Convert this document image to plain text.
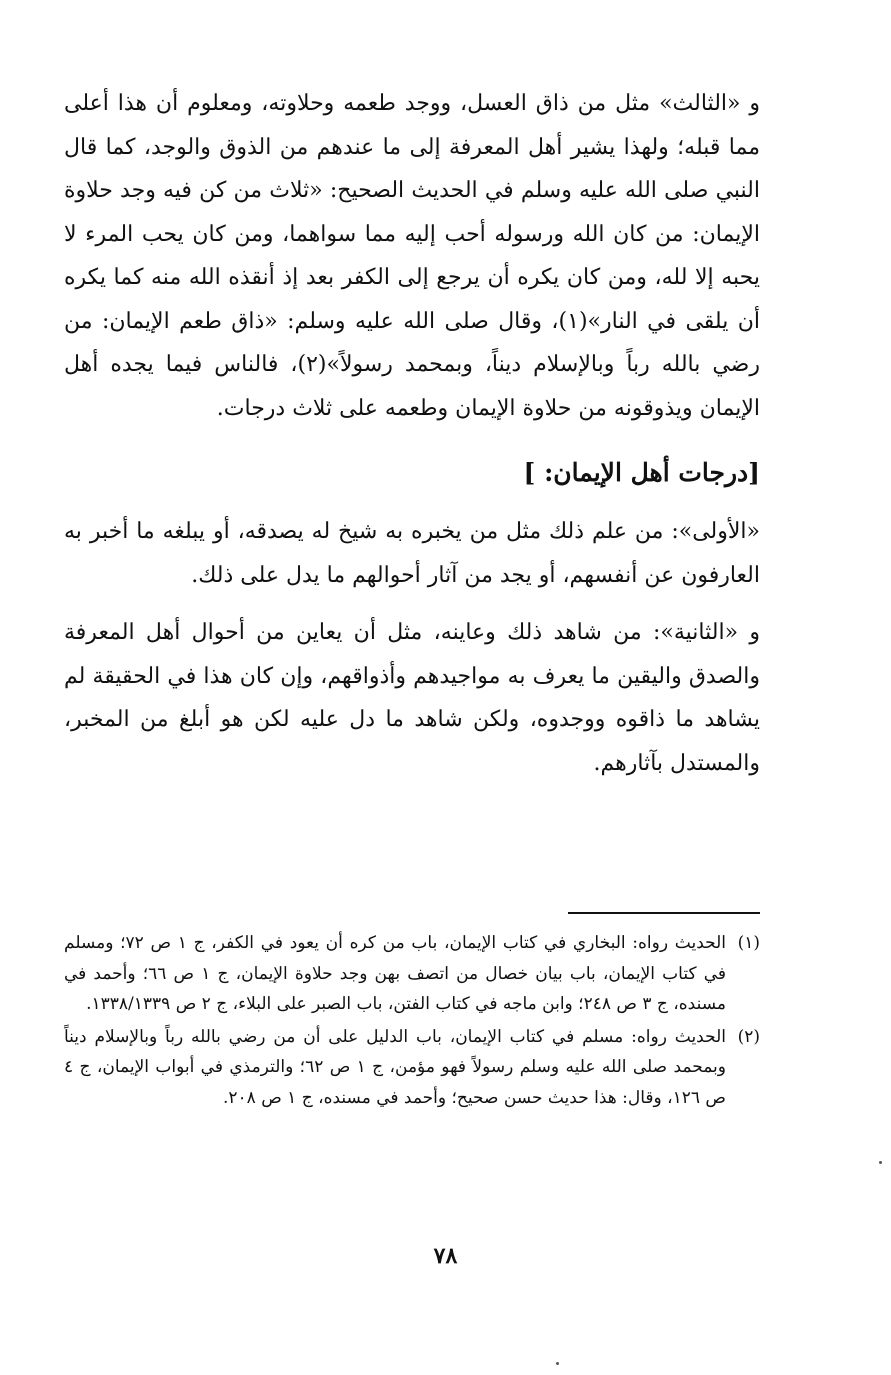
و «الثالث» مثل من ذاق العسل، ووجد طعمه وحلاوته، ومعلوم أن هذا أعلى مما قبله؛ ولهذا يشير أهل المعرفة إلى ما عندهم من الذوق والوجد، كما قال النبي صلى الله عليه وسلم في الحديث الصحيح: «ثلاث من كن فيه وجد حلاوة الإيمان: من كان الله ورسوله أحب إليه مما سواهما، ومن كان يحب المرء لا يحبه إلا لله، ومن كان يكره أن يرجع إلى الكفر بعد إذ أنقذه الله منه كما يكره أن يلقى في النار»(١)، وقال صلى الله عليه وسلم: «ذاق طعم الإيمان: من رضي بالله رباً وبالإسلام ديناً، وبمحمد رسولاً»(٢)، فالناس فيما يجده أهل الإيمان ويذوقونه من حلاوة الإيمان وطعمه على ثلاث درجات.

[درجات أهل الإيمان: ]

«الأولى»: من علم ذلك مثل من يخبره به شيخ له يصدقه، أو يبلغه ما أخبر به العارفون عن أنفسهم، أو يجد من آثار أحوالهم ما يدل على ذلك.

و «الثانية»: من شاهد ذلك وعاينه، مثل أن يعاين من أحوال أهل المعرفة والصدق واليقين ما يعرف به مواجيدهم وأذواقهم، وإن كان هذا في الحقيقة لم يشاهد ما ذاقوه ووجدوه، ولكن شاهد ما دل عليه لكن هو أبلغ من المخبر، والمستدل بآثارهم.

(١)
الحديث رواه: البخاري في كتاب الإيمان، باب من كره أن يعود في الكفر، ج ١ ص ٧٢؛ ومسلم في كتاب الإيمان، باب بيان خصال من اتصف بهن وجد حلاوة الإيمان، ج ١ ص ٦٦؛ وأحمد في مسنده، ج ٣ ص ٢٤٨؛ وابن ماجه في كتاب الفتن، باب الصبر على البلاء، ج ٢ ص ١٣٣٨/١٣٣٩.
(٢)
الحديث رواه: مسلم في كتاب الإيمان، باب الدليل على أن من رضي بالله رباً وبالإسلام ديناً وبمحمد صلى الله عليه وسلم رسولاً فهو مؤمن، ج ١ ص ٦٢؛ والترمذي في أبواب الإيمان، ج ٤ ص ١٢٦، وقال: هذا حديث حسن صحيح؛ وأحمد في مسنده، ج ١ ص ٢٠٨.
٧٨
